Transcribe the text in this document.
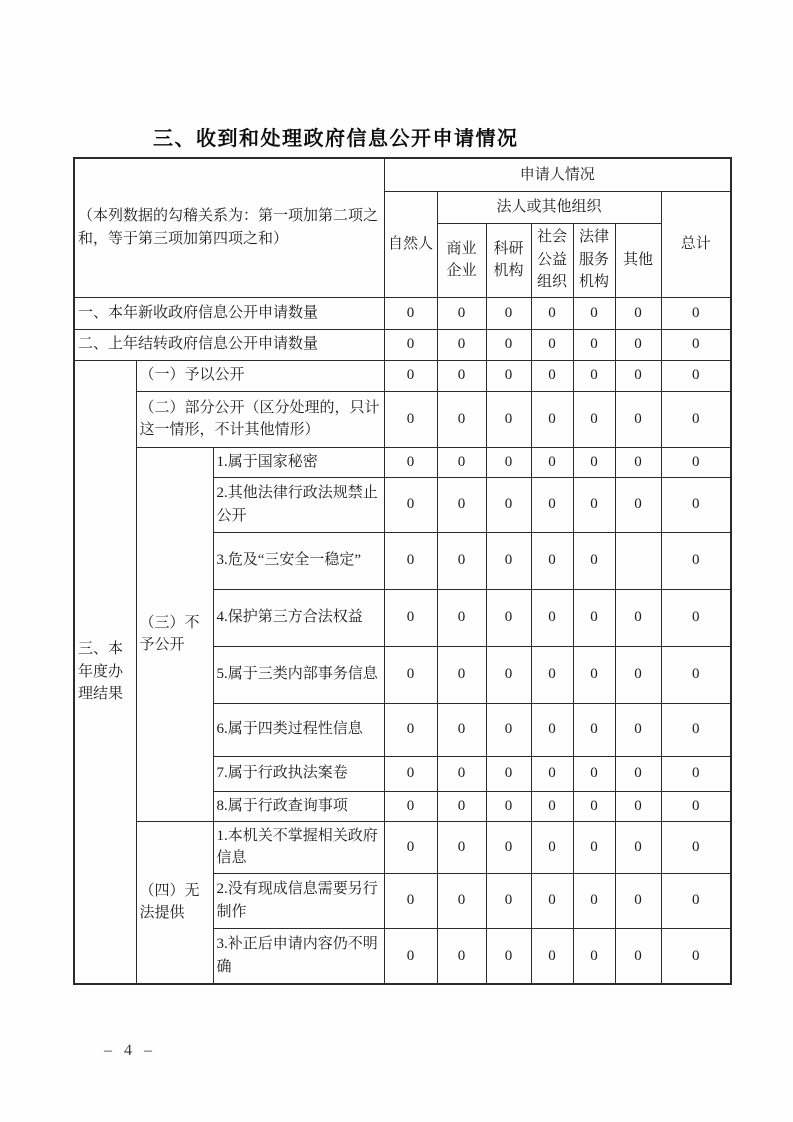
三、收到和处理政府信息公开申请情况
（本列数据的勾稽关系为：第一项加第二项之和，等于第三项加第四项之和）			申请人情况						
			自然人	法人或其他组织					总计
				商业企业	科研机构	社会公益组织	法律服务机构	其他	
一、本年新收政府信息公开申请数量			0	0	0	0	0	0	0
二、上年结转政府信息公开申请数量			0	0	0	0	0	0	0
三、本年度办理结果	（一）予以公开		0	0	0	0	0	0	0
	（二）部分公开（区分处理的，只计这一情形，不计其他情形）		0	0	0	0	0	0	0
	（三）不予公开	1.属于国家秘密	0	0	0	0	0	0	0
		2.其他法律行政法规禁止公开	0	0	0	0	0	0	0
		3.危及“三安全一稳定”	0	0	0	0	0		0
		4.保护第三方合法权益	0	0	0	0	0	0	0
		5.属于三类内部事务信息	0	0	0	0	0	0	0
		6.属于四类过程性信息	0	0	0	0	0	0	0
		7.属于行政执法案卷	0	0	0	0	0	0	0
		8.属于行政查询事项	0	0	0	0	0	0	0
	（四）无法提供	1.本机关不掌握相关政府信息	0	0	0	0	0	0	0
		2.没有现成信息需要另行制作	0	0	0	0	0	0	0
		3.补正后申请内容仍不明确	0	0	0	0	0	0	0
– 4 –
